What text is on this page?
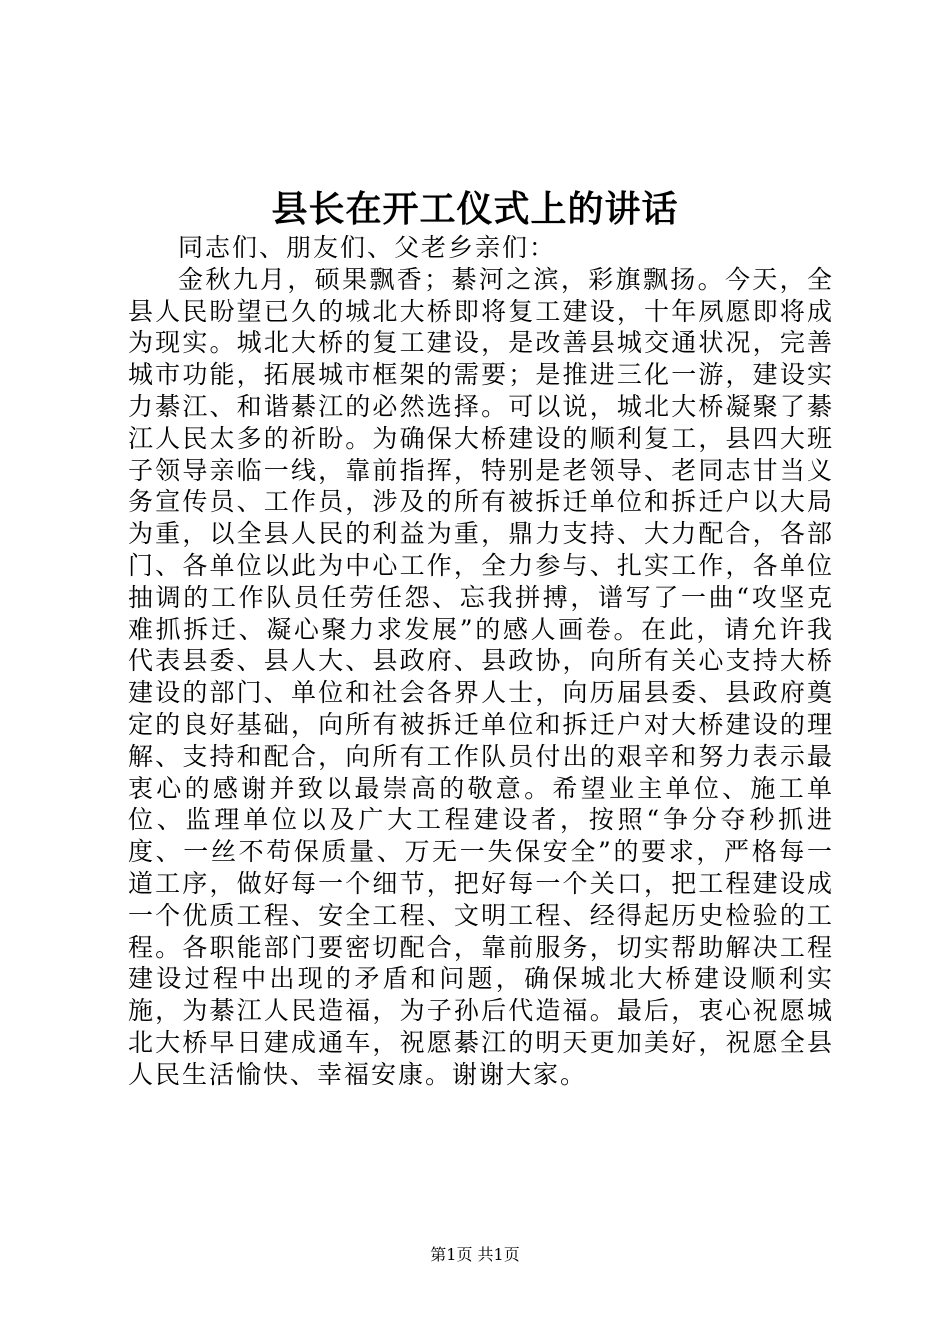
县长在开工仪式上的讲话

同志们、朋友们、父老乡亲们：

金秋九月，硕果飘香；綦河之滨，彩旗飘扬。今天，全县人民盼望已久的城北大桥即将复工建设，十年夙愿即将成为现实。城北大桥的复工建设，是改善县城交通状况，完善城市功能，拓展城市框架的需要；是推进三化一游，建设实力綦江、和谐綦江的必然选择。可以说，城北大桥凝聚了綦江人民太多的祈盼。为确保大桥建设的顺利复工，县四大班子领导亲临一线，靠前指挥，特别是老领导、老同志甘当义务宣传员、工作员，涉及的所有被拆迁单位和拆迁户以大局为重，以全县人民的利益为重，鼎力支持、大力配合，各部门、各单位以此为中心工作，全力参与、扎实工作，各单位抽调的工作队员任劳任怨、忘我拼搏，谱写了一曲“攻坚克难抓拆迁、凝心聚力求发展”的感人画卷。在此，请允许我代表县委、县人大、县政府、县政协，向所有关心支持大桥建设的部门、单位和社会各界人士，向历届县委、县政府奠定的良好基础，向所有被拆迁单位和拆迁户对大桥建设的理解、支持和配合，向所有工作队员付出的艰辛和努力表示最衷心的感谢并致以最崇高的敬意。希望业主单位、施工单位、监理单位以及广大工程建设者，按照“争分夺秒抓进度、一丝不苟保质量、万无一失保安全”的要求，严格每一道工序，做好每一个细节，把好每一个关口，把工程建设成一个优质工程、安全工程、文明工程、经得起历史检验的工程。各职能部门要密切配合，靠前服务，切实帮助解决工程建设过程中出现的矛盾和问题，确保城北大桥建设顺利实施，为綦江人民造福，为子孙后代造福。最后，衷心祝愿城北大桥早日建成通车，祝愿綦江的明天更加美好，祝愿全县人民生活愉快、幸福安康。谢谢大家。

第1页 共1页
